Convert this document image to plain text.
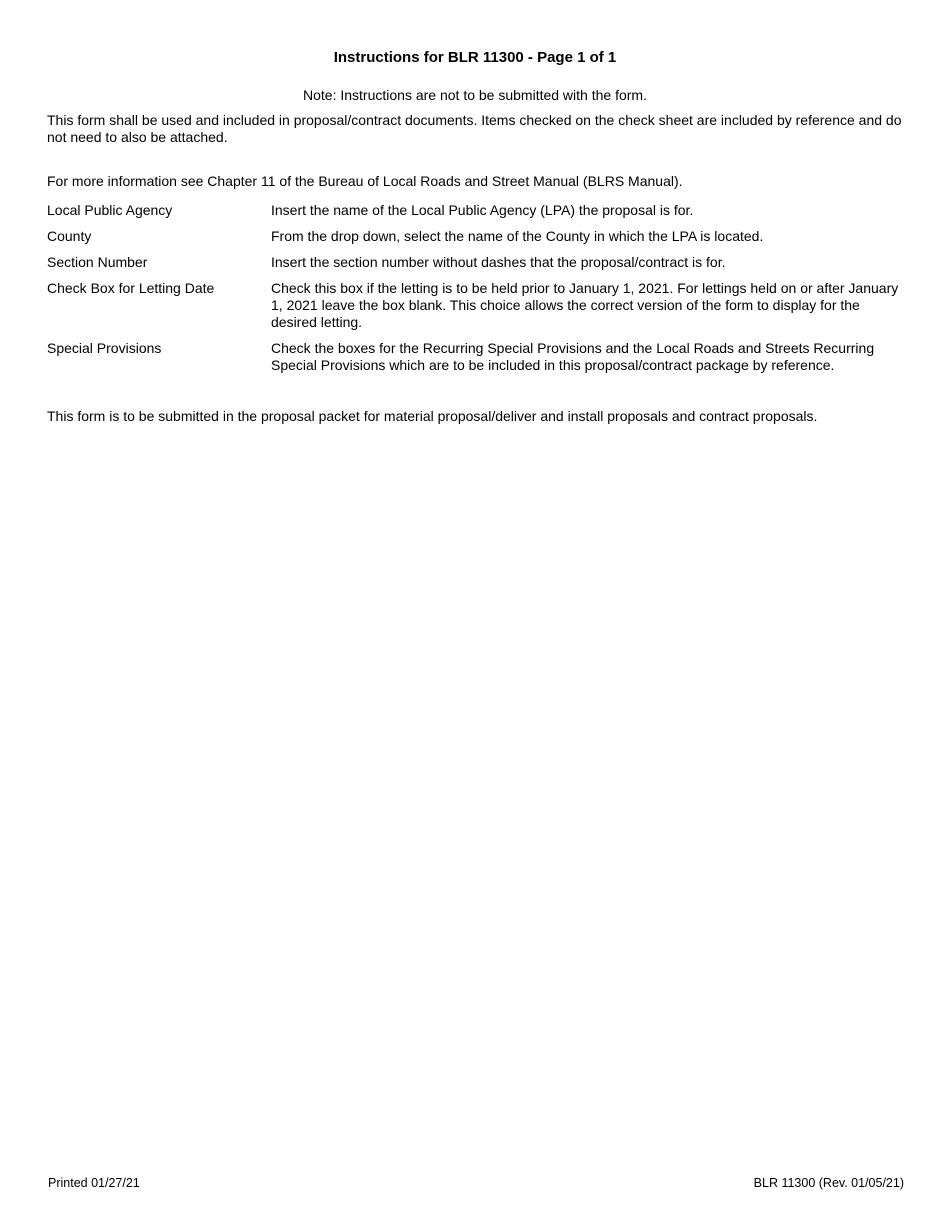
Instructions for BLR 11300 - Page 1 of 1
Note: Instructions are not to be submitted with the form.
This form shall be used and included in proposal/contract documents. Items checked on the check sheet are included by reference and do not need to also be attached.
For more information see Chapter 11 of the Bureau of Local Roads and Street Manual (BLRS Manual).
Local Public Agency	Insert the name of the Local Public Agency (LPA) the proposal is for.
County	From the drop down, select the name of the County in which the LPA is located.
Section Number	Insert the section number without dashes that the proposal/contract is for.
Check Box for Letting Date	Check this box if the letting is to be held prior to January 1, 2021. For lettings held on or after January 1, 2021 leave the box blank. This choice allows the correct version of the form to display for the desired letting.
Special Provisions	Check the boxes for the Recurring Special Provisions and the Local Roads and Streets Recurring Special Provisions which are to be included in this proposal/contract package by reference.
This form is to be submitted in the proposal packet for material proposal/deliver and install proposals and contract proposals.
Printed 01/27/21	BLR 11300 (Rev. 01/05/21)
